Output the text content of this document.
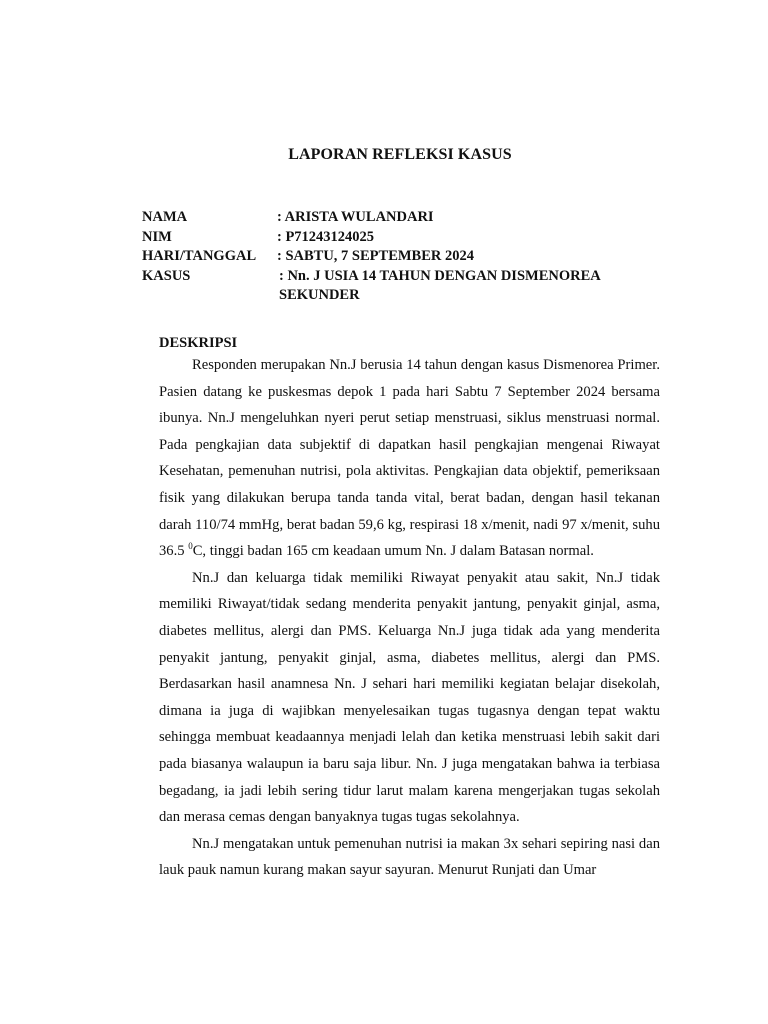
LAPORAN REFLEKSI KASUS
NAMA	: ARISTA WULANDARI
NIM	: P71243124025
HARI/TANGGAL	: SABTU, 7 SEPTEMBER 2024
KASUS	: Nn. J USIA 14 TAHUN DENGAN DISMENOREA SEKUNDER
DESKRIPSI

Responden merupakan Nn.J berusia 14 tahun dengan kasus Dismenorea Primer. Pasien datang ke puskesmas depok 1 pada hari Sabtu 7 September 2024 bersama ibunya. Nn.J mengeluhkan nyeri perut setiap menstruasi, siklus menstruasi normal. Pada pengkajian data subjektif di dapatkan hasil pengkajian mengenai Riwayat Kesehatan, pemenuhan nutrisi, pola aktivitas. Pengkajian data objektif, pemeriksaan fisik yang dilakukan berupa tanda tanda vital, berat badan, dengan hasil tekanan darah 110/74 mmHg, berat badan 59,6 kg, respirasi 18 x/menit, nadi 97 x/menit, suhu 36.5 $^0$C, tinggi badan 165 cm keadaan umum Nn. J dalam Batasan normal.

Nn.J dan keluarga tidak memiliki Riwayat penyakit atau sakit, Nn.J tidak memiliki Riwayat/tidak sedang menderita penyakit jantung, penyakit ginjal, asma, diabetes mellitus, alergi dan PMS. Keluarga Nn.J juga tidak ada yang menderita penyakit jantung, penyakit ginjal, asma, diabetes mellitus, alergi dan PMS. Berdasarkan hasil anamnesa Nn. J sehari hari memiliki kegiatan belajar disekolah, dimana ia juga di wajibkan menyelesaikan tugas tugasnya dengan tepat waktu sehingga membuat keadaannya menjadi lelah dan ketika menstruasi lebih sakit dari pada biasanya walaupun ia baru saja libur. Nn. J juga mengatakan bahwa ia terbiasa begadang, ia jadi lebih sering tidur larut malam karena mengerjakan tugas sekolah dan merasa cemas dengan banyaknya tugas tugas sekolahnya.

Nn.J mengatakan untuk pemenuhan nutrisi ia makan 3x sehari sepiring nasi dan lauk pauk namun kurang makan sayur sayuran. Menurut Runjati dan Umar
